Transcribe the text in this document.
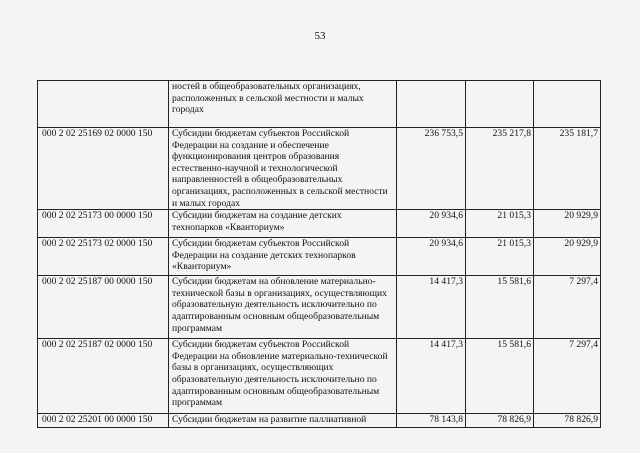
53
	ностей в общеобразовательных организациях, расположенных в сельской местности и малых городах			
000 2 02 25169 02 0000 150	Субсидии бюджетам субъектов Российской Федерации на создание и обеспечение функционирования центров образования естественно-научной и технологической направленностей в общеобразовательных организациях, расположенных в сельской местности и малых городах	236 753,5	235 217,8	235 181,7
000 2 02 25173 00 0000 150	Субсидии бюджетам на создание детских технопарков «Кванториум»	20 934,6	21 015,3	20 929,9
000 2 02 25173 02 0000 150	Субсидии бюджетам субъектов Российской Федерации на создание детских технопарков «Кванториум»	20 934,6	21 015,3	20 929,9
000 2 02 25187 00 0000 150	Субсидии бюджетам на обновление материально-технической базы в организациях, осуществляющих образовательную деятельность исключительно по адаптированным основным общеобразовательным программам	14 417,3	15 581,6	7 297,4
000 2 02 25187 02 0000 150	Субсидии бюджетам субъектов Российской Федерации на обновление материально-технической базы в организациях, осуществляющих образовательную деятельность исключительно по адаптированным основным общеобразовательным программам	14 417,3	15 581,6	7 297,4
000 2 02 25201 00 0000 150	Субсидии бюджетам на развитие паллиативной	78 143,8	78 826,9	78 826,9
